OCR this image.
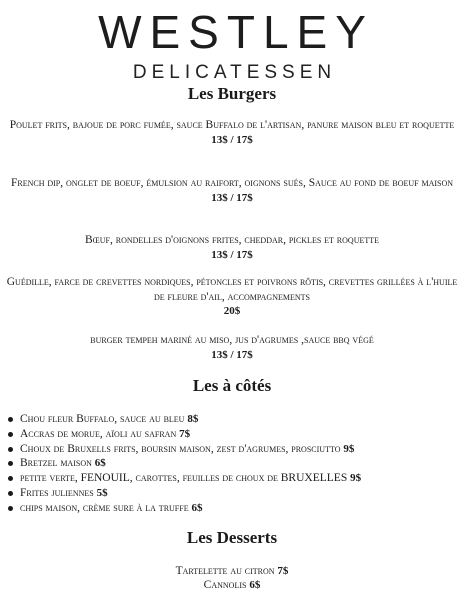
WESTLEY
DELICATESSEN
Les Burgers
Poulet frits, bajoue de porc fumée, sauce Buffalo de l'artisan, panure maison bleu et roquette
13$ / 17$
French dip, onglet de boeuf, émulsion au raifort, oignons sués, Sauce au fond de boeuf maison
13$ / 17$
Bœuf, rondelles d'oignons frites, cheddar, pickles et roquette
13$ / 17$
Guédille, farce de crevettes nordiques, pétoncles et poivrons rôtis, crevettes grillées à l'huile de fleure d'ail, accompagnements
20$
burger tempeh mariné au miso, jus d'agrumes ,sauce bbq végé
13$ / 17$
Les à côtés
Chou fleur Buffalo, sauce au bleu 8$
Accras de morue, aïoli au safran 7$
Choux de Bruxells frits, boursin maison, zest d'agrumes, prosciutto 9$
Bretzel maison 6$
petite verte, FENOUIL, carottes, feuilles de choux de BRUXELLES 9$
Frites juliennes 5$
chips maison, crème sure à la truffe 6$
Les Desserts
Tartelette au citron 7$
Cannolis 6$
